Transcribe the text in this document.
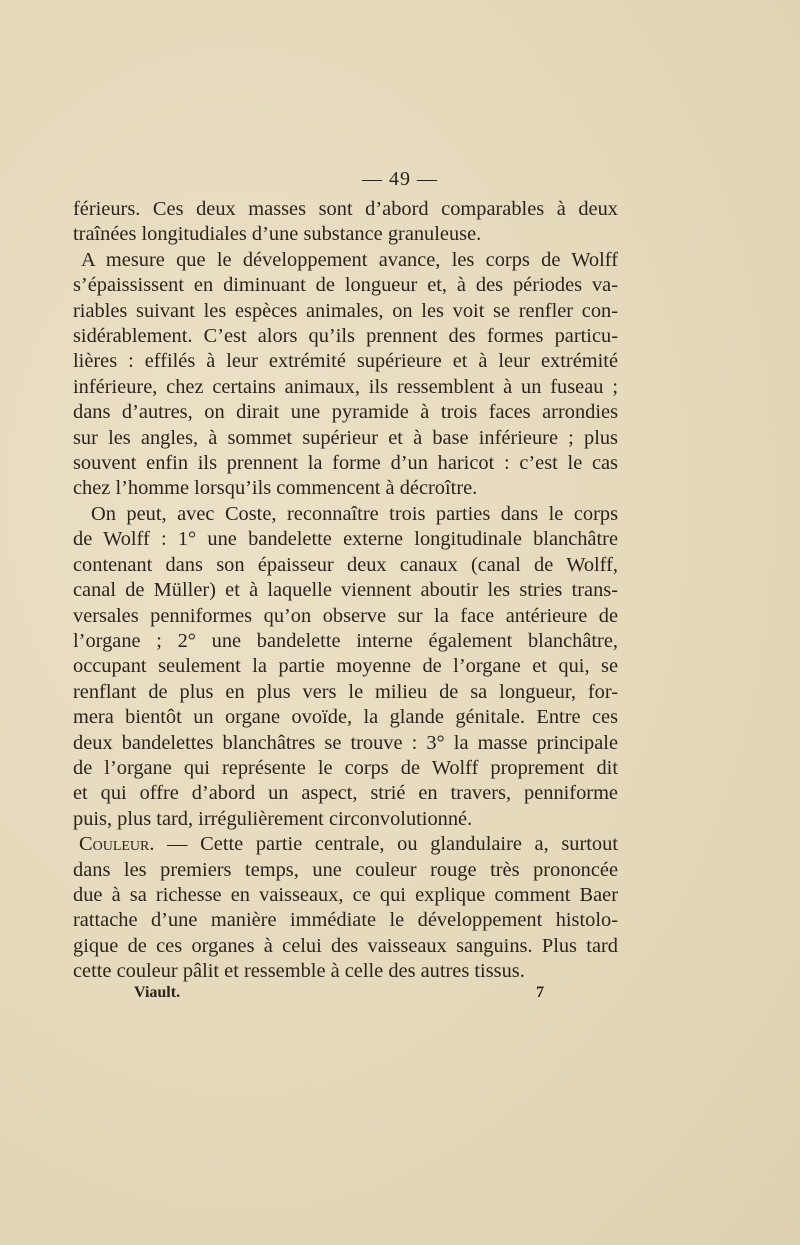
— 49 —
férieurs. Ces deux masses sont d’abord comparables à deux
traînées longitudiales d’une substance granuleuse.
A mesure que le développement avance, les corps de Wolff
s’épaississent en diminuant de longueur et, à des périodes va-
riables suivant les espèces animales, on les voit se renfler con-
sidérablement. C’est alors qu’ils prennent des formes particu-
lières : effilés à leur extrémité supérieure et à leur extrémité
inférieure, chez certains animaux, ils ressemblent à un fuseau ;
dans d’autres, on dirait une pyramide à trois faces arrondies
sur les angles, à sommet supérieur et à base inférieure ; plus
souvent enfin ils prennent la forme d’un haricot : c’est le cas
chez l’homme lorsqu’ils commencent à décroître.
On peut, avec Coste, reconnaître trois parties dans le corps
de Wolff : 1° une bandelette externe longitudinale blanchâtre
contenant dans son épaisseur deux canaux (canal de Wolff,
canal de Müller) et à laquelle viennent aboutir les stries trans-
versales penniformes qu’on observe sur la face antérieure de
l’organe ; 2° une bandelette interne également blanchâtre,
occupant seulement la partie moyenne de l’organe et qui, se
renflant de plus en plus vers le milieu de sa longueur, for-
mera bientôt un organe ovoïde, la glande génitale. Entre ces
deux bandelettes blanchâtres se trouve : 3° la masse principale
de l’organe qui représente le corps de Wolff proprement dit
et qui offre d’abord un aspect, strié en travers, penniforme
puis, plus tard, irrégulièrement circonvolutionné.
Couleur. — Cette partie centrale, ou glandulaire a, surtout
dans les premiers temps, une couleur rouge très prononcée
due à sa richesse en vaisseaux, ce qui explique comment Baer
rattache d’une manière immédiate le développement histolo-
gique de ces organes à celui des vaisseaux sanguins. Plus tard
cette couleur pâlit et ressemble à celle des autres tissus.
Viault.	7
